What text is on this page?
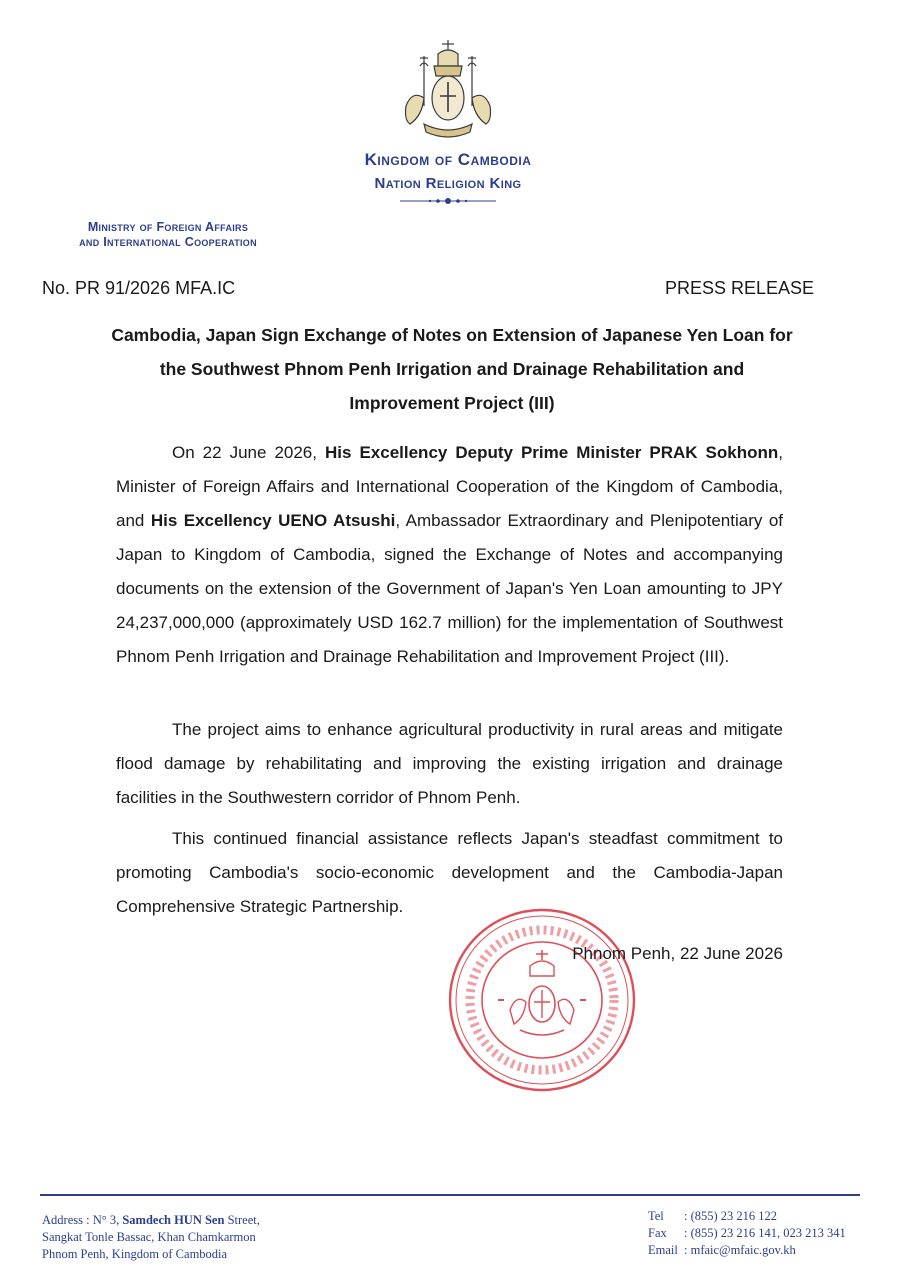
Kingdom of Cambodia
Nation Religion King
Ministry of Foreign Affairs
and International Cooperation
No. PR 91/2026 MFA.IC	PRESS RELEASE
Cambodia, Japan Sign Exchange of Notes on Extension of Japanese Yen Loan for
the Southwest Phnom Penh Irrigation and Drainage Rehabilitation and
Improvement Project (III)
On 22 June 2026, His Excellency Deputy Prime Minister PRAK Sokhonn, Minister of Foreign Affairs and International Cooperation of the Kingdom of Cambodia, and His Excellency UENO Atsushi, Ambassador Extraordinary and Plenipotentiary of Japan to Kingdom of Cambodia, signed the Exchange of Notes and accompanying documents on the extension of the Government of Japan's Yen Loan amounting to JPY 24,237,000,000 (approximately USD 162.7 million) for the implementation of Southwest Phnom Penh Irrigation and Drainage Rehabilitation and Improvement Project (III).
The project aims to enhance agricultural productivity in rural areas and mitigate flood damage by rehabilitating and improving the existing irrigation and drainage facilities in the Southwestern corridor of Phnom Penh.
This continued financial assistance reflects Japan's steadfast commitment to promoting Cambodia's socio-economic development and the Cambodia-Japan Comprehensive Strategic Partnership.
Phnom Penh, 22 June 2026
Address : N° 3, Samdech HUN Sen Street,
Sangkat Tonle Bassac, Khan Chamkarmon
Phnom Penh, Kingdom of Cambodia
Tel : (855) 23 216 122
Fax : (855) 23 216 141, 023 213 341
Email : mfaic@mfaic.gov.kh
